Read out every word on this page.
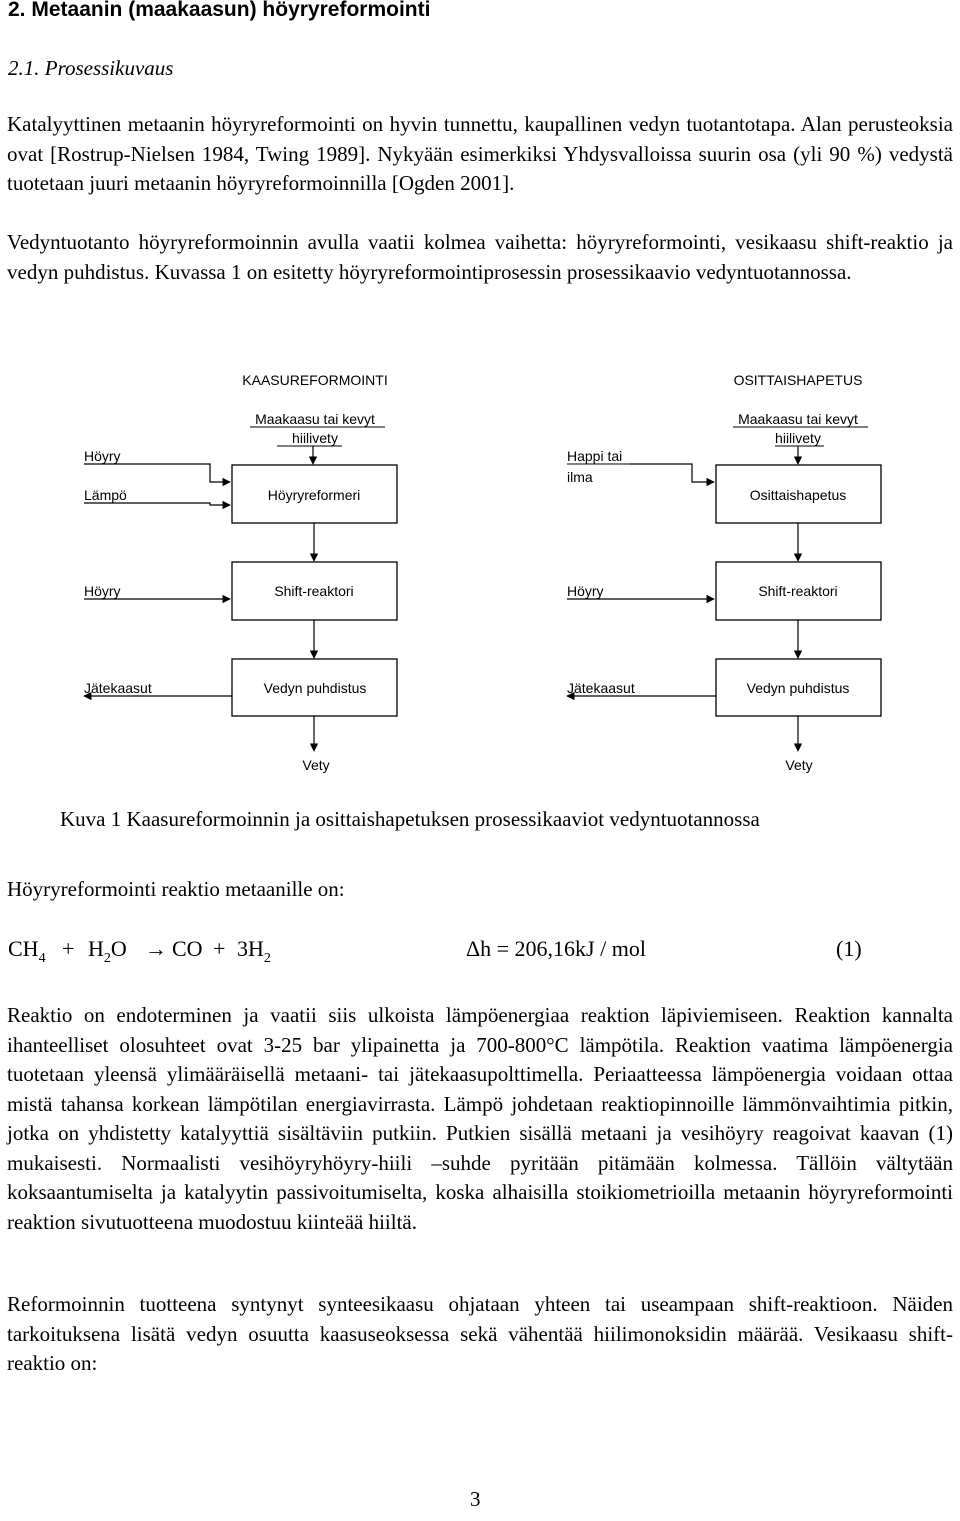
2. Metaanin (maakaasun) höyryreformointi
2.1. Prosessikuvaus

Katalyyttinen metaanin höyryreformointi on hyvin tunnettu, kaupallinen vedyn tuotantotapa. Alan perusteoksia ovat [Rostrup-Nielsen 1984, Twing 1989]. Nykyään esimerkiksi Yhdysvalloissa suurin osa (yli 90 %) vedystä tuotetaan juuri metaanin höyryreformoinnilla [Ogden 2001].

Vedyntuotanto höyryreformoinnin avulla vaatii kolmea vaihetta: höyryreformointi, vesikaasu shift-reaktio ja vedyn puhdistus. Kuvassa 1 on esitetty höyryreformointiprosessin prosessikaavio vedyntuotannossa.

KAASUREFORMOINTI
Maakaasu tai kevyt
hiilivety
Höyryreformeri
Höyry
Lämpö
Shift-reaktori
Höyry
Vedyn puhdistus
Jätekaasut
Vety
OSITTAISHAPETUS
Maakaasu tai kevyt
hiilivety
Osittaishapetus
Happi tai
ilma
Shift-reaktori
Höyry
Vedyn puhdistus
Jätekaasut
Vety
Kuva 1 Kaasureformoinnin ja osittaishapetuksen prosessikaaviot vedyntuotannossa
Höyryreformointi reaktio metaanille on:
$CH_4 + H_2O$ → CO + $3H_2$	Δh = 206,16kJ / mol	(1)

Reaktio on endoterminen ja vaatii siis ulkoista lämpöenergiaa reaktion läpiviemiseen. Reaktion kannalta ihanteelliset olosuhteet ovat 3-25 bar ylipainetta ja 700-800°C lämpötila. Reaktion vaatima lämpöenergia tuotetaan yleensä ylimääräisellä metaani- tai jätekaasupolttimella. Periaatteessa lämpöenergia voidaan ottaa mistä tahansa korkean lämpötilan energiavirrasta. Lämpö johdetaan reaktiopinnoille lämmönvaihtimia pitkin, jotka on yhdistetty katalyyttiä sisältäviin putkiin. Putkien sisällä metaani ja vesihöyry reagoivat kaavan (1) mukaisesti. Normaalisti vesihöyryhöyry-hiili –suhde pyritään pitämään kolmessa. Tällöin vältytään koksaantumiselta ja katalyytin passivoitumiselta, koska alhaisilla stoikiometrioilla metaanin höyryreformointi reaktion sivutuotteena muodostuu kiinteää hiiltä.

Reformoinnin tuotteena syntynyt synteesikaasu ohjataan yhteen tai useampaan shift-reaktioon. Näiden tarkoituksena lisätä vedyn osuutta kaasuseoksessa sekä vähentää hiilimonoksidin määrää. Vesikaasu shift-reaktio on:

3
